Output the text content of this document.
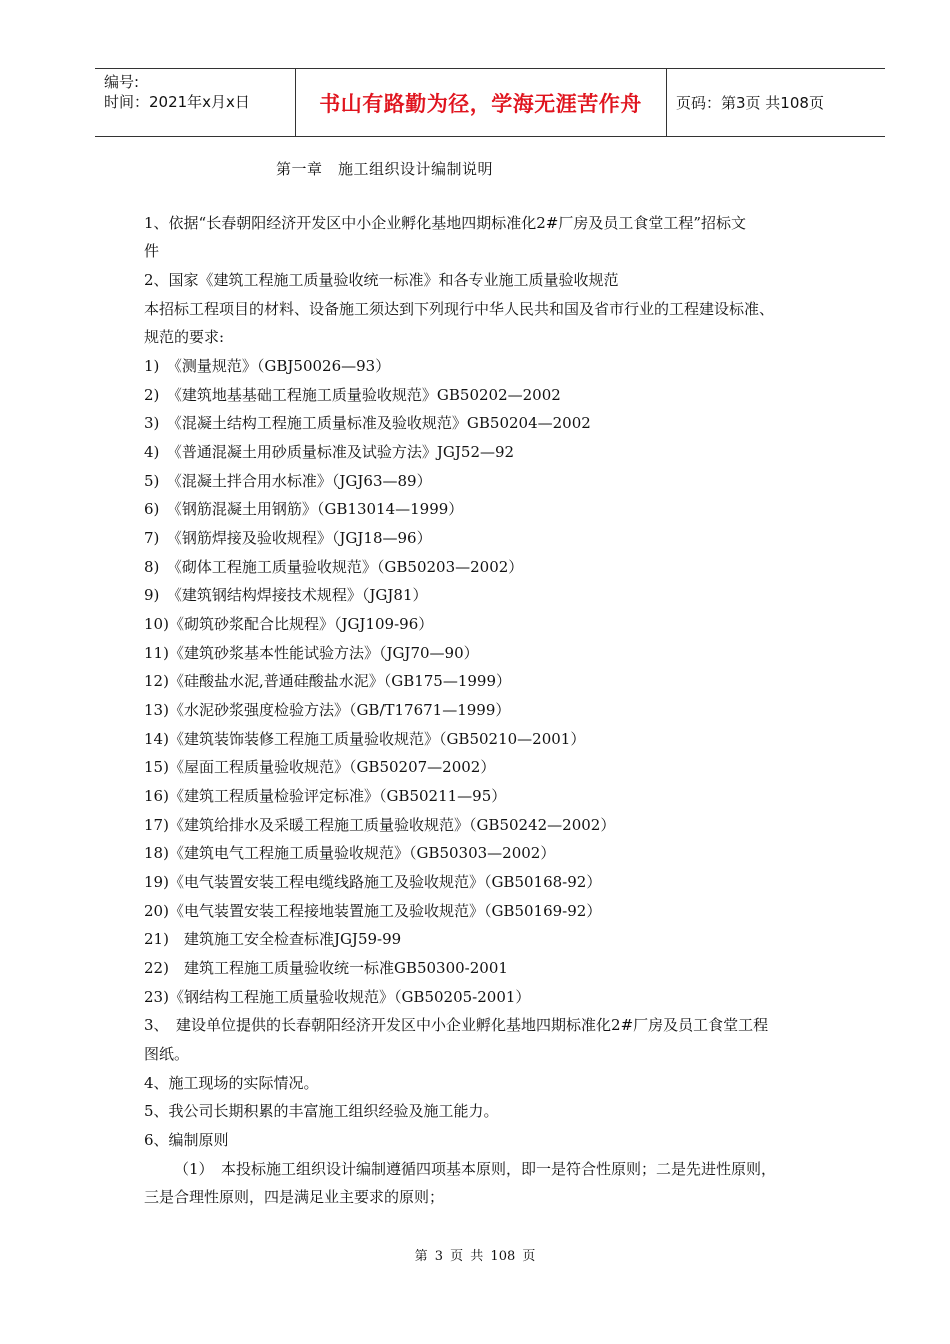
编号:
时间：2021年x月x日	书山有路勤为径，学海无涯苦作舟	页码：第3页 共108页
第一章　施工组织设计编制说明
1、依据“长春朝阳经济开发区中小企业孵化基地四期标准化2#厂房及员工食堂工程”招标文
件
2、国家《建筑工程施工质量验收统一标准》和各专业施工质量验收规范
本招标工程项目的材料、设备施工须达到下列现行中华人民共和国及省市行业的工程建设标准、
规范的要求:
1)　《测量规范》（GBJ50026—93）
2)　《建筑地基基础工程施工质量验收规范》GB50202—2002
3)　《混凝土结构工程施工质量标准及验收规范》GB50204—2002
4)　《普通混凝土用砂质量标准及试验方法》JGJ52—92
5)　《混凝土拌合用水标准》（JGJ63—89）
6)　《钢筋混凝土用钢筋》（GB13014—1999）
7)　《钢筋焊接及验收规程》（JGJ18—96）
8)　《砌体工程施工质量验收规范》（GB50203—2002）
9)　《建筑钢结构焊接技术规程》（JGJ81）
10)《砌筑砂浆配合比规程》（JGJ109-96）
11)《建筑砂浆基本性能试验方法》（JGJ70—90）
12)《硅酸盐水泥,普通硅酸盐水泥》（GB175—1999）
13)《水泥砂浆强度检验方法》（GB/T17671—1999）
14)《建筑装饰装修工程施工质量验收规范》（GB50210—2001）
15)《屋面工程质量验收规范》（GB50207—2002）
16)《建筑工程质量检验评定标准》（GB50211—95）
17)《建筑给排水及采暖工程施工质量验收规范》（GB50242—2002）
18)《建筑电气工程施工质量验收规范》（GB50303—2002）
19)《电气装置安装工程电缆线路施工及验收规范》（GB50168-92）
20)《电气装置安装工程接地装置施工及验收规范》（GB50169-92）
21)　建筑施工安全检查标准JGJ59-99
22)　建筑工程施工质量验收统一标准GB50300-2001
23)《钢结构工程施工质量验收规范》（GB50205-2001）
3、　建设单位提供的长春朝阳经济开发区中小企业孵化基地四期标准化2#厂房及员工食堂工程
图纸。
4、施工现场的实际情况。
5、我公司长期积累的丰富施工组织经验及施工能力。
6、编制原则
（1）　本投标施工组织设计编制遵循四项基本原则，即一是符合性原则；二是先进性原则，
三是合理性原则，四是满足业主要求的原则；
第 3 页 共 108 页
